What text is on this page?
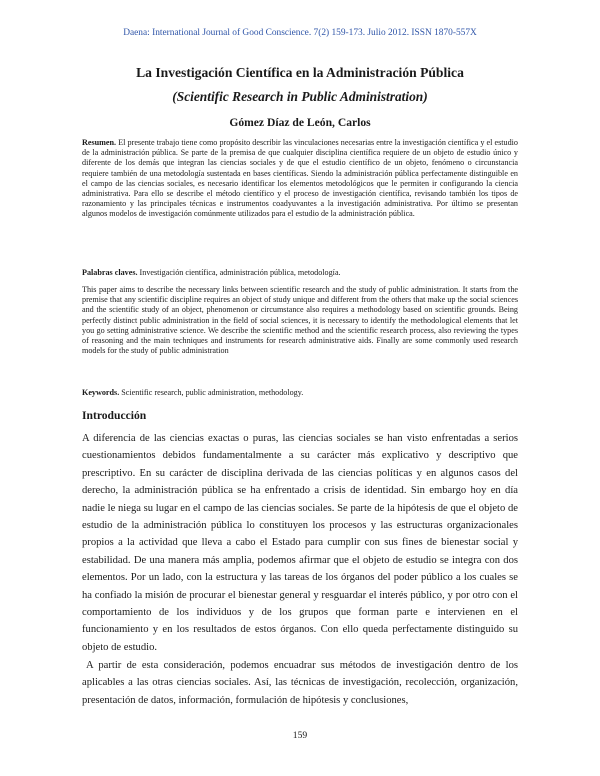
Daena: International Journal of Good Conscience. 7(2) 159-173. Julio 2012. ISSN 1870-557X
La Investigación Científica en la Administración Pública
(Scientific Research in Public Administration)
Gómez Díaz de León, Carlos

Resumen. El presente trabajo tiene como propósito describir las vinculaciones necesarias entre la investigación científica y el estudio de la administración pública. Se parte de la premisa de que cualquier disciplina científica requiere de un objeto de estudio único y diferente de los demás que integran las ciencias sociales y de que el estudio científico de un objeto, fenómeno o circunstancia requiere también de una metodología sustentada en bases científicas. Siendo la administración pública perfectamente distinguible en el campo de las ciencias sociales, es necesario identificar los elementos metodológicos que le permiten ir configurando la ciencia administrativa. Para ello se describe el método científico y el proceso de investigación científica, revisando también los tipos de razonamiento y las principales técnicas e instrumentos coadyuvantes a la investigación administrativa. Por último se presentan algunos modelos de investigación comúnmente utilizados para el estudio de la administración pública.

Palabras claves. Investigación científica, administración pública, metodología.

This paper aims to describe the necessary links between scientific research and the study of public administration. It starts from the premise that any scientific discipline requires an object of study unique and different from the others that make up the social sciences and the scientific study of an object, phenomenon or circumstance also requires a methodology based on scientific grounds. Being perfectly distinct public administration in the field of social sciences, it is necessary to identify the methodological elements that let you go setting administrative science. We describe the scientific method and the scientific research process, also reviewing the types of reasoning and the main techniques and instruments for research administrative aids. Finally are some commonly used research models for the study of public administration

Keywords. Scientific research, public administration, methodology.

Introducción

A diferencia de las ciencias exactas o puras, las ciencias sociales se han visto enfrentadas a serios cuestionamientos debidos fundamentalmente a su carácter más explicativo y descriptivo que prescriptivo. En su carácter de disciplina derivada de las ciencias políticas y en algunos casos del derecho, la administración pública se ha enfrentado a crisis de identidad. Sin embargo hoy en día nadie le niega su lugar en el campo de las ciencias sociales. Se parte de la hipótesis de que el objeto de estudio de la administración pública lo constituyen los procesos y las estructuras organizacionales propios a la actividad que lleva a cabo el Estado para cumplir con sus fines de bienestar social y estabilidad. De una manera más amplia, podemos afirmar que el objeto de estudio se integra con dos elementos. Por un lado, con la estructura y las tareas de los órganos del poder público a los cuales se ha confiado la misión de procurar el bienestar general y resguardar el interés público, y por otro con el comportamiento de los individuos y de los grupos que forman parte e intervienen en el funcionamiento y en los resultados de estos órganos. Con ello queda perfectamente distinguido su objeto de estudio.

A partir de esta consideración, podemos encuadrar sus métodos de investigación dentro de los aplicables a las otras ciencias sociales. Así, las técnicas de investigación, recolección, organización, presentación de datos, información, formulación de hipótesis y conclusiones,

159
